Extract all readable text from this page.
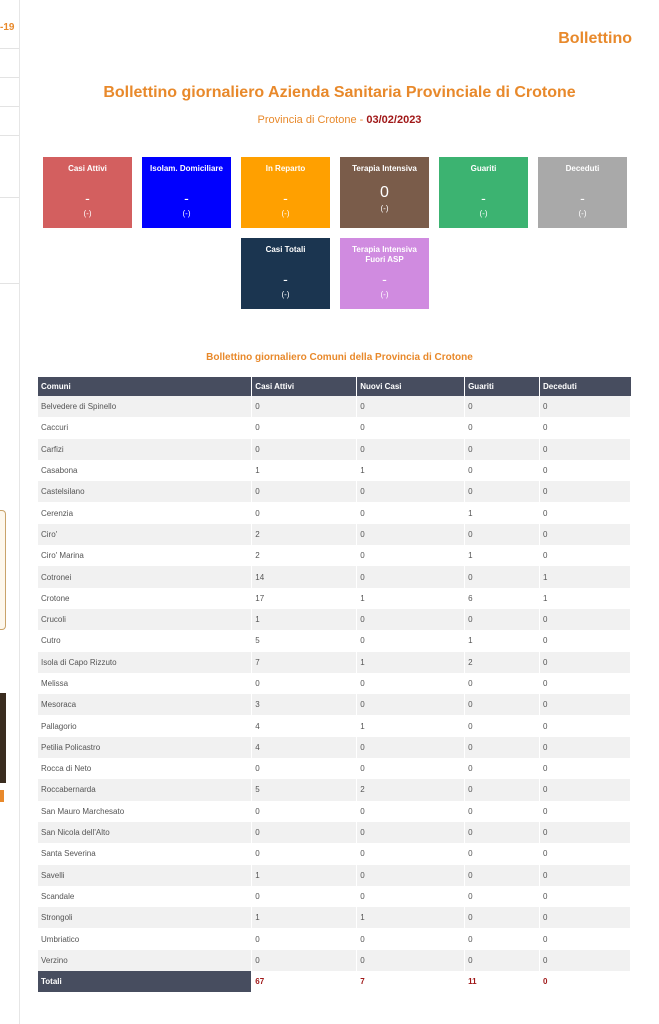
-19
Bollettino
Bollettino giornaliero Azienda Sanitaria Provinciale di Crotone
Provincia di Crotone - 03/02/2023
Casi Attivi
-
(-)
Isolam. Domiciliare
-
(-)
In Reparto
-
(-)
Terapia Intensiva
0
(-)
Guariti
-
(-)
Deceduti
-
(-)
Casi Totali
-
(-)
Terapia Intensiva Fuori ASP
-
(-)
Bollettino giornaliero Comuni della Provincia di Crotone
Comuni	Casi Attivi	Nuovi Casi	Guariti	Deceduti
Belvedere di Spinello	0	0	0	0
Caccuri	0	0	0	0
Carfizi	0	0	0	0
Casabona	1	1	0	0
Castelsilano	0	0	0	0
Cerenzia	0	0	1	0
Ciro'	2	0	0	0
Ciro' Marina	2	0	1	0
Cotronei	14	0	0	1
Crotone	17	1	6	1
Crucoli	1	0	0	0
Cutro	5	0	1	0
Isola di Capo Rizzuto	7	1	2	0
Melissa	0	0	0	0
Mesoraca	3	0	0	0
Pallagorio	4	1	0	0
Petilia Policastro	4	0	0	0
Rocca di Neto	0	0	0	0
Roccabernarda	5	2	0	0
San Mauro Marchesato	0	0	0	0
San Nicola dell'Alto	0	0	0	0
Santa Severina	0	0	0	0
Savelli	1	0	0	0
Scandale	0	0	0	0
Strongoli	1	1	0	0
Umbriatico	0	0	0	0
Verzino	0	0	0	0
Totali	67	7	11	0
